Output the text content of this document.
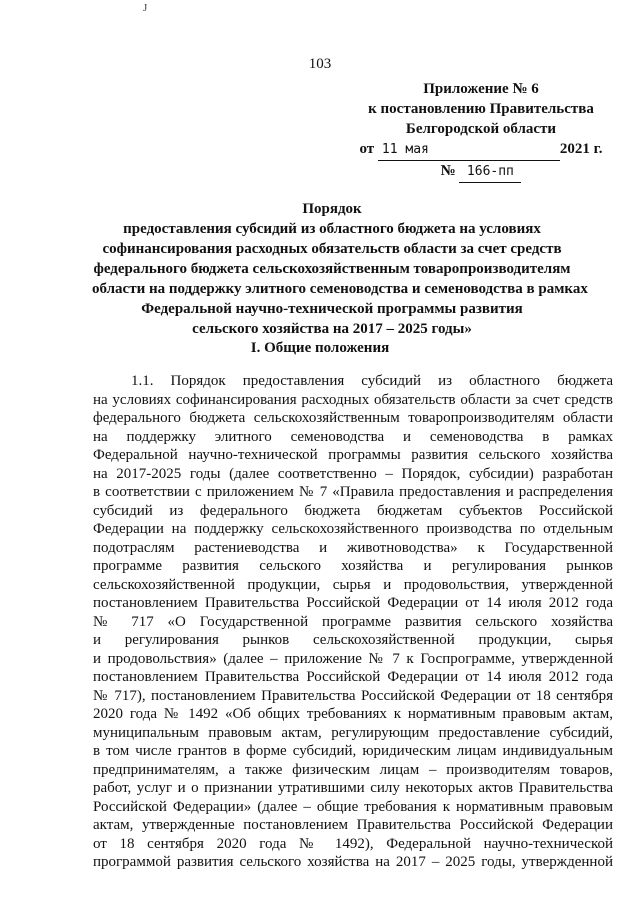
J
103
Приложение № 6
к постановлению Правительства
Белгородской области
от 11 мая	2021 г.
№ 166-пп
Порядок
предоставления субсидий из областного бюджета на условиях
софинансирования расходных обязательств области за счет средств
федерального бюджета сельскохозяйственным товаропроизводителям
области на поддержку элитного семеноводства и семеноводства в рамках
Федеральной научно-технической программы развития
сельского хозяйства на 2017 – 2025 годы»
I. Общие положения
1.1. Порядок предоставления субсидий из областного бюджета
на условиях софинансирования расходных обязательств области за счет средств
федерального бюджета сельскохозяйственным товаропроизводителям области
на поддержку элитного семеноводства и семеноводства в рамках
Федеральной научно-технической программы развития сельского хозяйства
на 2017-2025 годы (далее соответственно – Порядок, субсидии) разработан
в соответствии с приложением № 7 «Правила предоставления и распределения
субсидий из федерального бюджета бюджетам субъектов Российской
Федерации на поддержку сельскохозяйственного производства по отдельным
подотраслям растениеводства и животноводства» к Государственной
программе развития сельского хозяйства и регулирования рынков
сельскохозяйственной продукции, сырья и продовольствия, утвержденной
постановлением Правительства Российской Федерации от 14 июля 2012 года
№ 717 «О Государственной программе развития сельского хозяйства
и регулирования рынков сельскохозяйственной продукции, сырья
и продовольствия» (далее – приложение № 7 к Госпрограмме, утвержденной
постановлением Правительства Российской Федерации от 14 июля 2012 года
№ 717), постановлением Правительства Российской Федерации от 18 сентября
2020 года № 1492 «Об общих требованиях к нормативным правовым актам,
муниципальным правовым актам, регулирующим предоставление субсидий,
в том числе грантов в форме субсидий, юридическим лицам индивидуальным
предпринимателям, а также физическим лицам – производителям товаров,
работ, услуг и о признании утратившими силу некоторых актов Правительства
Российской Федерации» (далее – общие требования к нормативным правовым
актам, утвержденные постановлением Правительства Российской Федерации
от 18 сентября 2020 года № 1492), Федеральной научно-технической
программой развития сельского хозяйства на 2017 – 2025 годы, утвержденной
